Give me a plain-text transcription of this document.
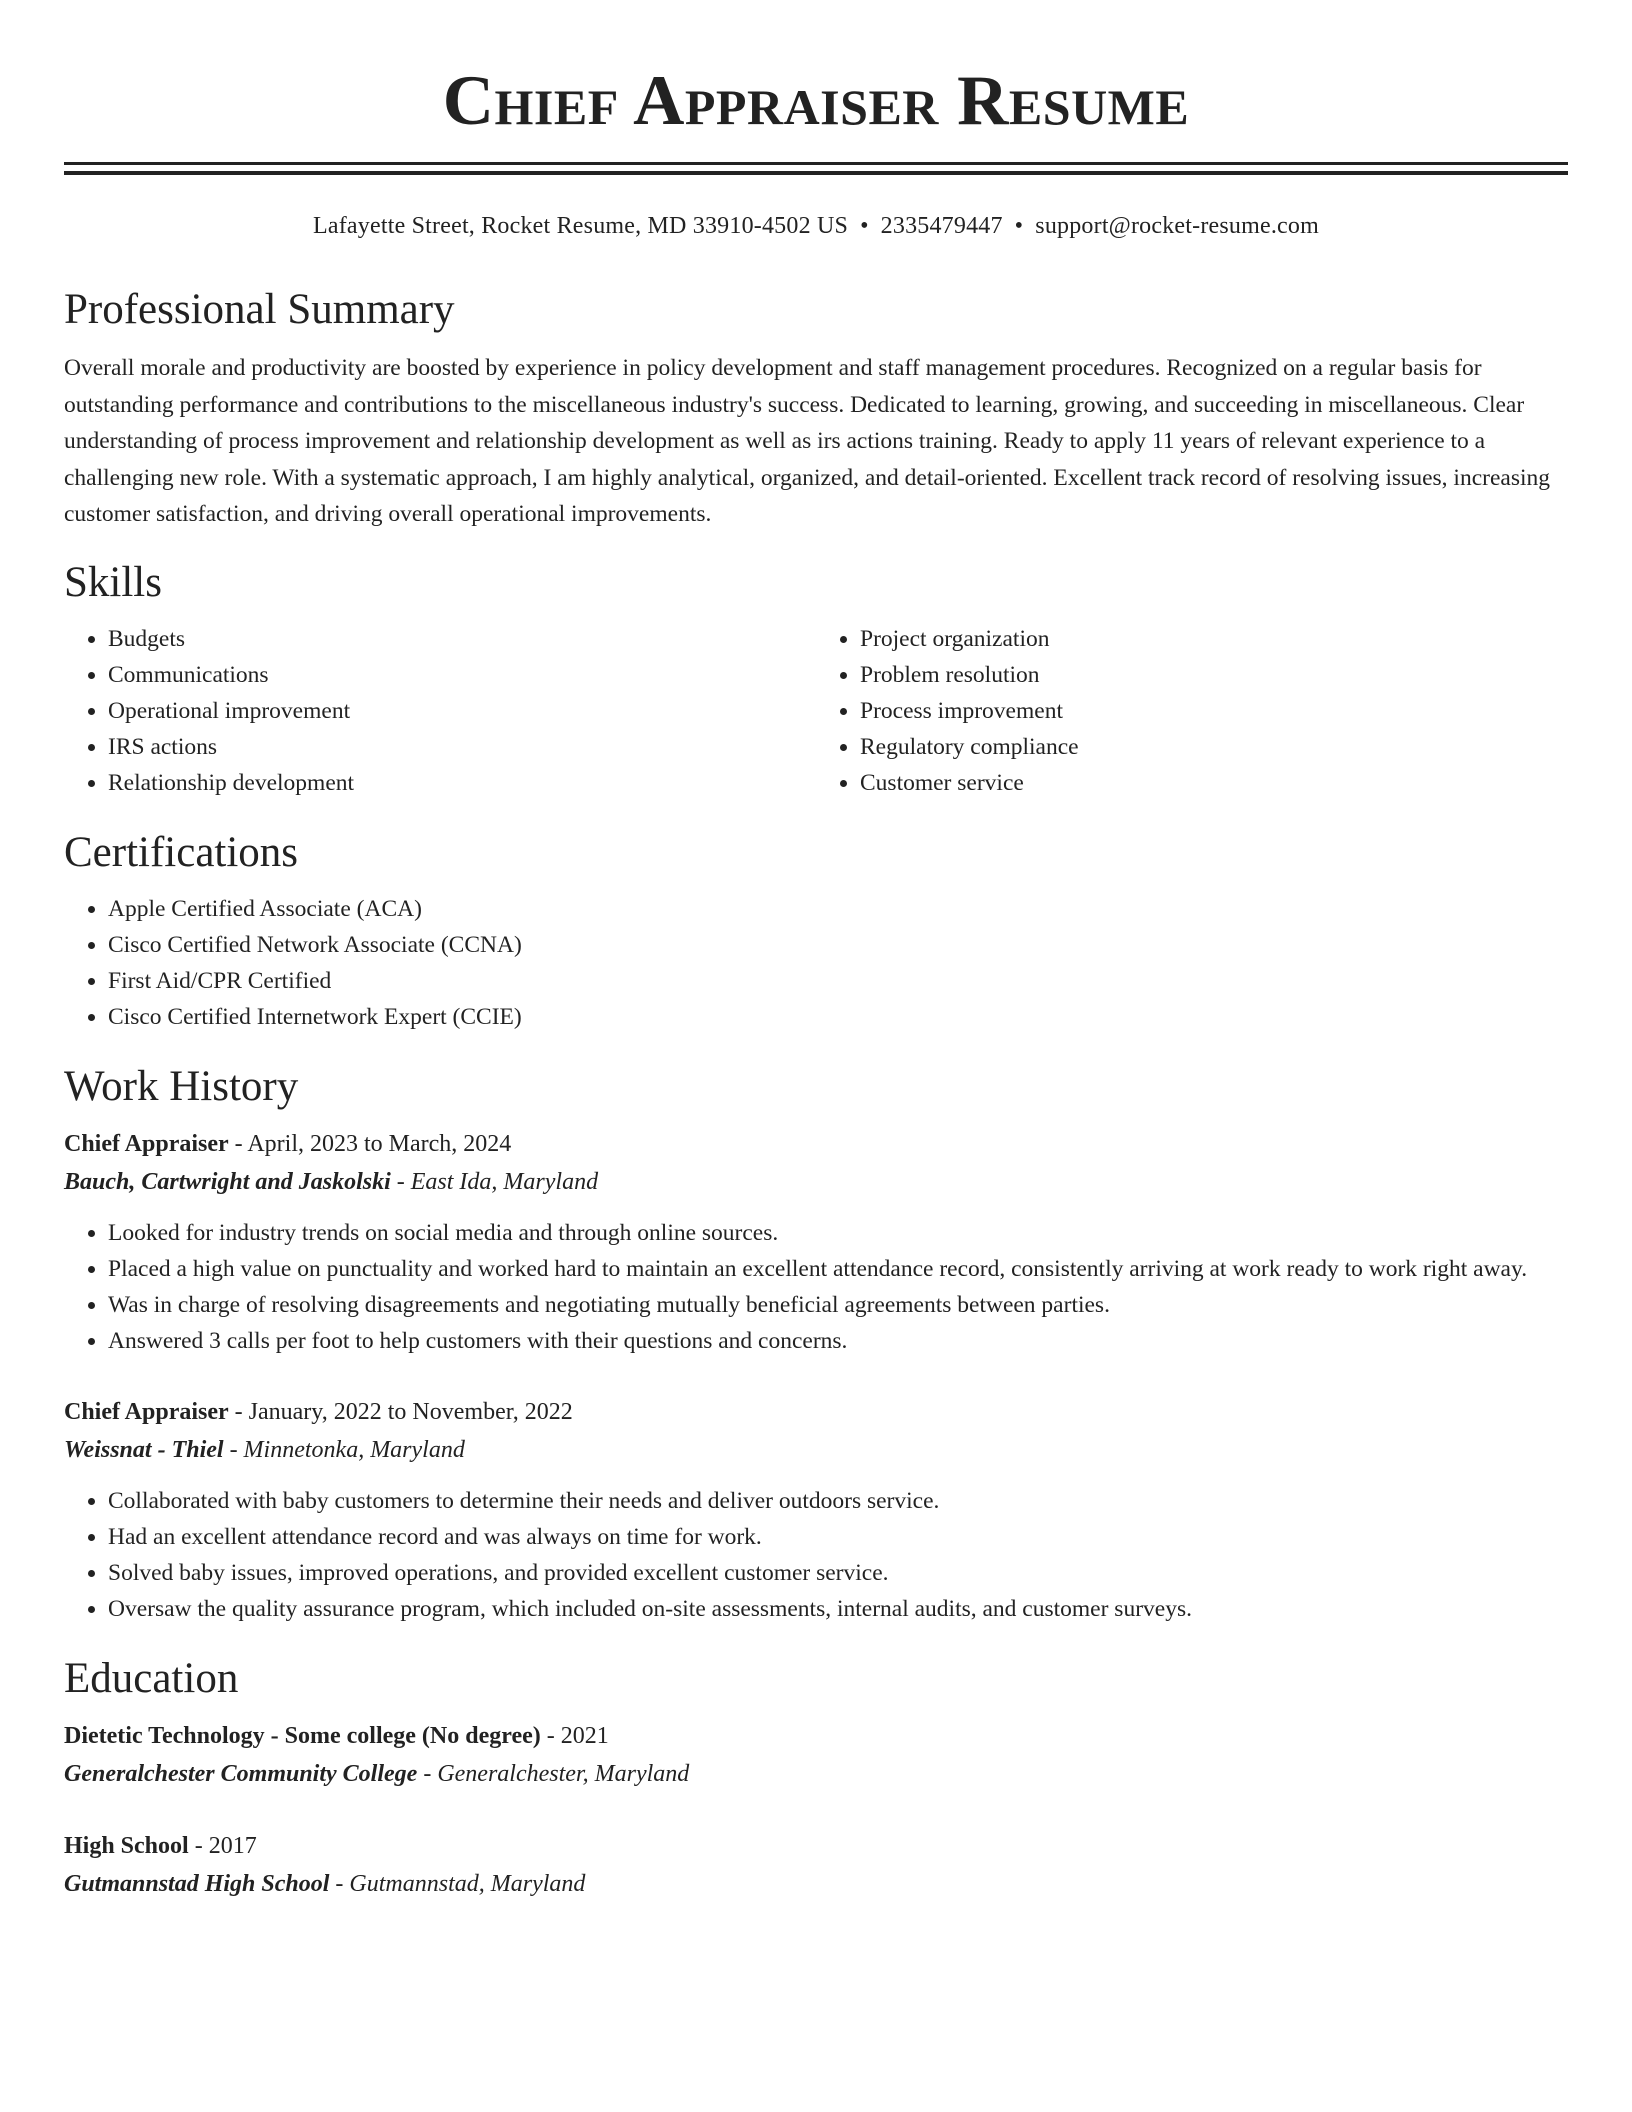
Chief Appraiser Resume
Lafayette Street, Rocket Resume, MD 33910-4502 US • 2335479447 • support@rocket-resume.com
Professional Summary

Overall morale and productivity are boosted by experience in policy development and staff management procedures. Recognized on a regular basis for outstanding performance and contributions to the miscellaneous industry's success. Dedicated to learning, growing, and succeeding in miscellaneous. Clear understanding of process improvement and relationship development as well as irs actions training. Ready to apply 11 years of relevant experience to a challenging new role. With a systematic approach, I am highly analytical, organized, and detail-oriented. Excellent track record of resolving issues, increasing customer satisfaction, and driving overall operational improvements.

Skills
• Budgets
• Communications
• Operational improvement
• IRS actions
• Relationship development
• Project organization
• Problem resolution
• Process improvement
• Regulatory compliance
• Customer service
Certifications
• Apple Certified Associate (ACA)
• Cisco Certified Network Associate (CCNA)
• First Aid/CPR Certified
• Cisco Certified Internetwork Expert (CCIE)
Work History
Chief Appraiser - April, 2023 to March, 2024
Bauch, Cartwright and Jaskolski - East Ida, Maryland
• Looked for industry trends on social media and through online sources.
• Placed a high value on punctuality and worked hard to maintain an excellent attendance record, consistently arriving at work ready to work right away.
• Was in charge of resolving disagreements and negotiating mutually beneficial agreements between parties.
• Answered 3 calls per foot to help customers with their questions and concerns.
Chief Appraiser - January, 2022 to November, 2022
Weissnat - Thiel - Minnetonka, Maryland
• Collaborated with baby customers to determine their needs and deliver outdoors service.
• Had an excellent attendance record and was always on time for work.
• Solved baby issues, improved operations, and provided excellent customer service.
• Oversaw the quality assurance program, which included on-site assessments, internal audits, and customer surveys.
Education
Dietetic Technology - Some college (No degree) - 2021
Generalchester Community College - Generalchester, Maryland
High School - 2017
Gutmannstad High School - Gutmannstad, Maryland
